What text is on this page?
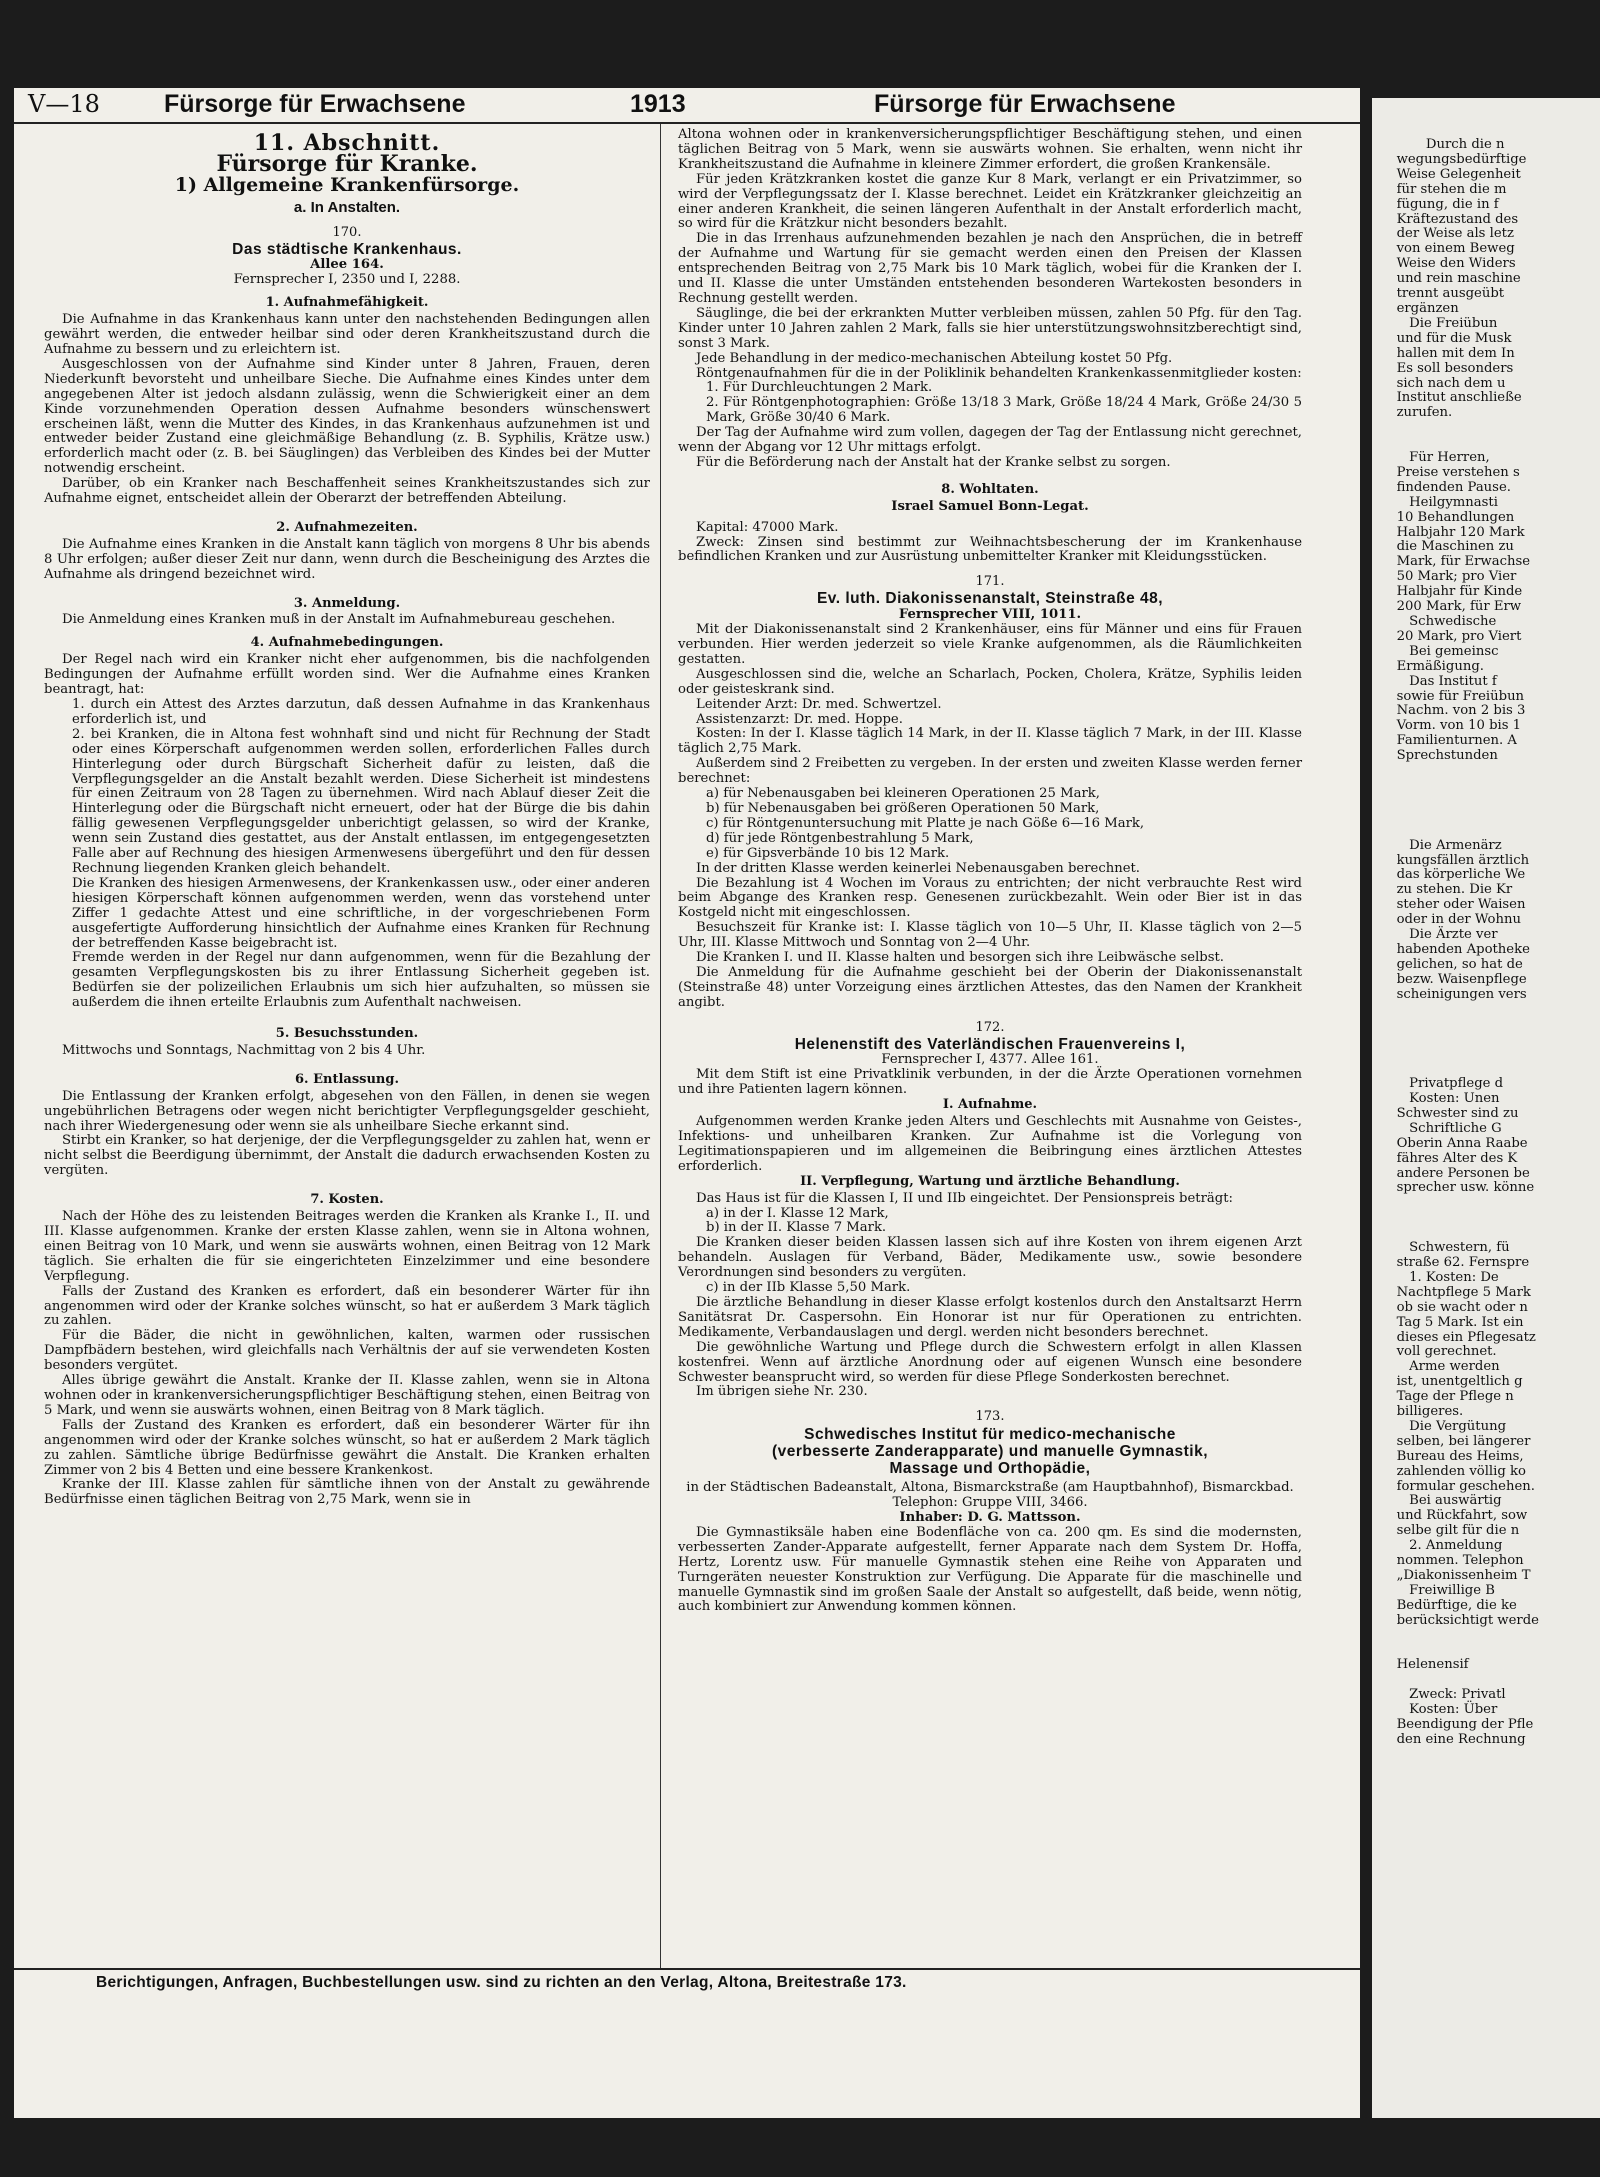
V—18	Fürsorge für Erwachsene	1913	Fürsorge für Erwachsene
11. Abschnitt.
Fürsorge für Kranke.
1) Allgemeine Krankenfürsorge.
a. In Anstalten.
170.
Das städtische Krankenhaus.

Allee 164.

Fernsprecher I, 2350 und I, 2288.

1. Aufnahmefähigkeit.

Die Aufnahme in das Krankenhaus kann unter den nachstehenden Bedingungen allen gewährt werden, die entweder heilbar sind oder deren Krankheitszustand durch die Aufnahme zu bessern und zu erleichtern ist.

Ausgeschlossen von der Aufnahme sind Kinder unter 8 Jahren, Frauen, deren Niederkunft bevorsteht und unheilbare Sieche. Die Aufnahme eines Kindes unter dem angegebenen Alter ist jedoch alsdann zulässig, wenn die Schwierigkeit einer an dem Kinde vorzunehmenden Operation dessen Aufnahme besonders wünschenswert erscheinen läßt, wenn die Mutter des Kindes, in das Krankenhaus aufzunehmen ist und entweder beider Zustand eine gleichmäßige Behandlung (z. B. Syphilis, Krätze usw.) erforderlich macht oder (z. B. bei Säuglingen) das Verbleiben des Kindes bei der Mutter notwendig erscheint.

Darüber, ob ein Kranker nach Beschaffenheit seines Krankheitszustandes sich zur Aufnahme eignet, entscheidet allein der Oberarzt der betreffenden Abteilung.

2. Aufnahmezeiten.

Die Aufnahme eines Kranken in die Anstalt kann täglich von morgens 8 Uhr bis abends 8 Uhr erfolgen; außer dieser Zeit nur dann, wenn durch die Bescheinigung des Arztes die Aufnahme als dringend bezeichnet wird.

3. Anmeldung.

Die Anmeldung eines Kranken muß in der Anstalt im Aufnahmebureau geschehen.

4. Aufnahmebedingungen.

Der Regel nach wird ein Kranker nicht eher aufgenommen, bis die nachfolgenden Bedingungen der Aufnahme erfüllt worden sind. Wer die Aufnahme eines Kranken beantragt, hat:

1. durch ein Attest des Arztes darzutun, daß dessen Aufnahme in das Krankenhaus erforderlich ist, und

2. bei Kranken, die in Altona fest wohnhaft sind und nicht für Rechnung der Stadt oder eines Körperschaft aufgenommen werden sollen, erforderlichen Falles durch Hinterlegung oder durch Bürgschaft Sicherheit dafür zu leisten, daß die Verpflegungsgelder an die Anstalt bezahlt werden. Diese Sicherheit ist mindestens für einen Zeitraum von 28 Tagen zu übernehmen. Wird nach Ablauf dieser Zeit die Hinterlegung oder die Bürgschaft nicht erneuert, oder hat der Bürge die bis dahin fällig gewesenen Verpflegungsgelder unberichtigt gelassen, so wird der Kranke, wenn sein Zustand dies gestattet, aus der Anstalt entlassen, im entgegengesetzten Falle aber auf Rechnung des hiesigen Armenwesens übergeführt und den für dessen Rechnung liegenden Kranken gleich behandelt.

Die Kranken des hiesigen Armenwesens, der Krankenkassen usw., oder einer anderen hiesigen Körperschaft können aufgenommen werden, wenn das vorstehend unter Ziffer 1 gedachte Attest und eine schriftliche, in der vorgeschriebenen Form ausgefertigte Aufforderung hinsichtlich der Aufnahme eines Kranken für Rechnung der betreffenden Kasse beigebracht ist.

Fremde werden in der Regel nur dann aufgenommen, wenn für die Bezahlung der gesamten Verpflegungskosten bis zu ihrer Entlassung Sicherheit gegeben ist. Bedürfen sie der polizeilichen Erlaubnis um sich hier aufzuhalten, so müssen sie außerdem die ihnen erteilte Erlaubnis zum Aufenthalt nachweisen.

5. Besuchsstunden.

Mittwochs und Sonntags, Nachmittag von 2 bis 4 Uhr.

6. Entlassung.

Die Entlassung der Kranken erfolgt, abgesehen von den Fällen, in denen sie wegen ungebührlichen Betragens oder wegen nicht berichtigter Verpflegungsgelder geschieht, nach ihrer Wiedergenesung oder wenn sie als unheilbare Sieche erkannt sind.

Stirbt ein Kranker, so hat derjenige, der die Verpflegungsgelder zu zahlen hat, wenn er nicht selbst die Beerdigung übernimmt, der Anstalt die dadurch erwachsenden Kosten zu vergüten.

7. Kosten.

Nach der Höhe des zu leistenden Beitrages werden die Kranken als Kranke I., II. und III. Klasse aufgenommen. Kranke der ersten Klasse zahlen, wenn sie in Altona wohnen, einen Beitrag von 10 Mark, und wenn sie auswärts wohnen, einen Beitrag von 12 Mark täglich. Sie erhalten die für sie eingerichteten Einzelzimmer und eine besondere Verpflegung.

Falls der Zustand des Kranken es erfordert, daß ein besonderer Wärter für ihn angenommen wird oder der Kranke solches wünscht, so hat er außerdem 3 Mark täglich zu zahlen.

Für die Bäder, die nicht in gewöhnlichen, kalten, warmen oder russischen Dampfbädern bestehen, wird gleichfalls nach Verhältnis der auf sie verwendeten Kosten besonders vergütet.

Alles übrige gewährt die Anstalt. Kranke der II. Klasse zahlen, wenn sie in Altona wohnen oder in krankenversicherungspflichtiger Beschäftigung stehen, einen Beitrag von 5 Mark, und wenn sie auswärts wohnen, einen Beitrag von 8 Mark täglich.

Falls der Zustand des Kranken es erfordert, daß ein besonderer Wärter für ihn angenommen wird oder der Kranke solches wünscht, so hat er außerdem 2 Mark täglich zu zahlen. Sämtliche übrige Bedürfnisse gewährt die Anstalt. Die Kranken erhalten Zimmer von 2 bis 4 Betten und eine bessere Krankenkost.

Kranke der III. Klasse zahlen für sämtliche ihnen von der Anstalt zu gewährende Bedürfnisse einen täglichen Beitrag von 2,75 Mark, wenn sie in

Altona wohnen oder in krankenversicherungspflichtiger Beschäftigung stehen, und einen täglichen Beitrag von 5 Mark, wenn sie auswärts wohnen. Sie erhalten, wenn nicht ihr Krankheitszustand die Aufnahme in kleinere Zimmer erfordert, die großen Krankensäle.

Für jeden Krätzkranken kostet die ganze Kur 8 Mark, verlangt er ein Privatzimmer, so wird der Verpflegungssatz der I. Klasse berechnet. Leidet ein Krätzkranker gleichzeitig an einer anderen Krankheit, die seinen längeren Aufenthalt in der Anstalt erforderlich macht, so wird für die Krätzkur nicht besonders bezahlt.

Die in das Irrenhaus aufzunehmenden bezahlen je nach den Ansprüchen, die in betreff der Aufnahme und Wartung für sie gemacht werden einen den Preisen der Klassen entsprechenden Beitrag von 2,75 Mark bis 10 Mark täglich, wobei für die Kranken der I. und II. Klasse die unter Umständen entstehenden besonderen Wartekosten besonders in Rechnung gestellt werden.

Säuglinge, die bei der erkrankten Mutter verbleiben müssen, zahlen 50 Pfg. für den Tag. Kinder unter 10 Jahren zahlen 2 Mark, falls sie hier unterstützungswohnsitzberechtigt sind, sonst 3 Mark.

Jede Behandlung in der medico-mechanischen Abteilung kostet 50 Pfg.

Röntgenaufnahmen für die in der Poliklinik behandelten Krankenkassenmitglieder kosten:

1. Für Durchleuchtungen 2 Mark.

2. Für Röntgenphotographien: Größe 13/18 3 Mark, Größe 18/24 4 Mark, Größe 24/30 5 Mark, Größe 30/40 6 Mark.

Der Tag der Aufnahme wird zum vollen, dagegen der Tag der Entlassung nicht gerechnet, wenn der Abgang vor 12 Uhr mittags erfolgt.

Für die Beförderung nach der Anstalt hat der Kranke selbst zu sorgen.

8. Wohltaten.

Israel Samuel Bonn-Legat.

Kapital: 47000 Mark.

Zweck: Zinsen sind bestimmt zur Weihnachtsbescherung der im Krankenhause befindlichen Kranken und zur Ausrüstung unbemittelter Kranker mit Kleidungsstücken.

171.
Ev. luth. Diakonissenanstalt, Steinstraße 48,

Fernsprecher VIII, 1011.

Mit der Diakonissenanstalt sind 2 Krankenhäuser, eins für Männer und eins für Frauen verbunden. Hier werden jederzeit so viele Kranke aufgenommen, als die Räumlichkeiten gestatten.

Ausgeschlossen sind die, welche an Scharlach, Pocken, Cholera, Krätze, Syphilis leiden oder geisteskrank sind.

Leitender Arzt: Dr. med. Schwertzel.

Assistenzarzt: Dr. med. Hoppe.

Kosten: In der I. Klasse täglich 14 Mark, in der II. Klasse täglich 7 Mark, in der III. Klasse täglich 2,75 Mark.

Außerdem sind 2 Freibetten zu vergeben. In der ersten und zweiten Klasse werden ferner berechnet:

a) für Nebenausgaben bei kleineren Operationen 25 Mark,

b) für Nebenausgaben bei größeren Operationen 50 Mark,

c) für Röntgenuntersuchung mit Platte je nach Göße 6—16 Mark,

d) für jede Röntgenbestrahlung 5 Mark,

e) für Gipsverbände 10 bis 12 Mark.

In der dritten Klasse werden keinerlei Nebenausgaben berechnet.

Die Bezahlung ist 4 Wochen im Voraus zu entrichten; der nicht verbrauchte Rest wird beim Abgange des Kranken resp. Genesenen zurückbezahlt. Wein oder Bier ist in das Kostgeld nicht mit eingeschlossen.

Besuchszeit für Kranke ist: I. Klasse täglich von 10—5 Uhr, II. Klasse täglich von 2—5 Uhr, III. Klasse Mittwoch und Sonntag von 2—4 Uhr.

Die Kranken I. und II. Klasse halten und besorgen sich ihre Leibwäsche selbst.

Die Anmeldung für die Aufnahme geschieht bei der Oberin der Diakonissenanstalt (Steinstraße 48) unter Vorzeigung eines ärztlichen Attestes, das den Namen der Krankheit angibt.

172.
Helenenstift des Vaterländischen Frauenvereins I,

Fernsprecher I, 4377. Allee 161.

Mit dem Stift ist eine Privatklinik verbunden, in der die Ärzte Operationen vornehmen und ihre Patienten lagern können.

I. Aufnahme.

Aufgenommen werden Kranke jeden Alters und Geschlechts mit Ausnahme von Geistes-, Infektions- und unheilbaren Kranken. Zur Aufnahme ist die Vorlegung von Legitimationspapieren und im allgemeinen die Beibringung eines ärztlichen Attestes erforderlich.

II. Verpflegung, Wartung und ärztliche Behandlung.

Das Haus ist für die Klassen I, II und IIb eingeichtet. Der Pensionspreis beträgt:

a) in der I. Klasse 12 Mark,

b) in der II. Klasse 7 Mark.

Die Kranken dieser beiden Klassen lassen sich auf ihre Kosten von ihrem eigenen Arzt behandeln. Auslagen für Verband, Bäder, Medikamente usw., sowie besondere Verordnungen sind besonders zu vergüten.

c) in der IIb Klasse 5,50 Mark.

Die ärztliche Behandlung in dieser Klasse erfolgt kostenlos durch den Anstaltsarzt Herrn Sanitätsrat Dr. Caspersohn. Ein Honorar ist nur für Operationen zu entrichten. Medikamente, Verbandauslagen und dergl. werden nicht besonders berechnet.

Die gewöhnliche Wartung und Pflege durch die Schwestern erfolgt in allen Klassen kostenfrei. Wenn auf ärztliche Anordnung oder auf eigenen Wunsch eine besondere Schwester beansprucht wird, so werden für diese Pflege Sonderkosten berechnet.

Im übrigen siehe Nr. 230.

173.
Schwedisches Institut für medico-mechanische
(verbesserte Zanderapparate) und manuelle Gymnastik,
Massage und Orthopädie,

in der Städtischen Badeanstalt, Altona, Bismarckstraße (am Hauptbahnhof), Bismarckbad. Telephon: Gruppe VIII, 3466.

Inhaber: D. G. Mattsson.

Die Gymnastiksäle haben eine Bodenfläche von ca. 200 qm. Es sind die modernsten, verbesserten Zander-Apparate aufgestellt, ferner Apparate nach dem System Dr. Hoffa, Hertz, Lorentz usw. Für manuelle Gymnastik stehen eine Reihe von Apparaten und Turngeräten neuester Konstruktion zur Verfügung. Die Apparate für die maschinelle und manuelle Gymnastik sind im großen Saale der Anstalt so aufgestellt, daß beide, wenn nötig, auch kombiniert zur Anwendung kommen können.

Berichtigungen, Anfragen, Buchbestellungen usw. sind zu richten an den Verlag, Altona, Breitestraße 173.
Durch die n
wegungsbedürftige
Weise Gelegenheit
für stehen die m
fügung, die in f
Kräftezustand des
der Weise als letz
von einem Beweg
Weise den Widers
und rein maschine
trennt ausgeübt
ergänzen
Die Freiübun
und für die Musk
hallen mit dem In
Es soll besonders
sich nach dem u
Institut anschließe
zurufen.

Für Herren,
Preise verstehen s
findenden Pause.
Heilgymnasti
10 Behandlungen
Halbjahr 120 Mark
die Maschinen zu
Mark, für Erwachse
50 Mark; pro Vier
Halbjahr für Kinde
200 Mark, für Erw
Schwedische
20 Mark, pro Viert
Bei gemeinsc
Ermäßigung.
Das Institut f
sowie für Freiübun
Nachm. von 2 bis 3
Vorm. von 10 bis 1
Familienturnen. A
Sprechstunden

Die Armenärz
kungsfällen ärztlich
das körperliche We
zu stehen. Die Kr
steher oder Waisen
oder in der Wohnu
Die Ärzte ver
habenden Apotheke
gelichen, so hat de
bezw. Waisenpflege
scheinigungen vers

Privatpflege d
Kosten: Unen
Schwester sind zu
Schriftliche G
Oberin Anna Raabe
fähres Alter des K
andere Personen be
sprecher usw. könne

Schwestern, fü
straße 62. Fernspre
1. Kosten: De
Nachtpflege 5 Mark
ob sie wacht oder n
Tag 5 Mark. Ist ein
dieses ein Pflegesatz
voll gerechnet.
Arme werden
ist, unentgeltlich g
Tage der Pflege n
billigeres.
Die Vergütung
selben, bei längerer
Bureau des Heims,
zahlenden völlig ko
formular geschehen.
Bei auswärtig
und Rückfahrt, sow
selbe gilt für die n
2. Anmeldung
nommen. Telephon
„Diakonissenheim T
Freiwillige B
Bedürftige, die ke
berücksichtigt werde

Helenensif

Zweck: Privatl
Kosten: Über
Beendigung der Pfle
den eine Rechnung
